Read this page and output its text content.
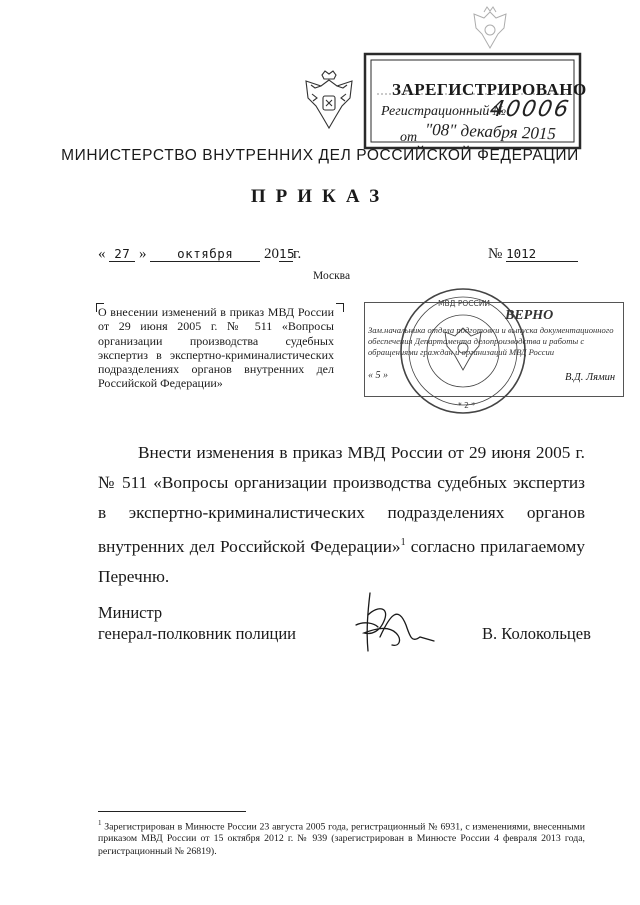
ЗАРЕГИСТРИРОВАНО
Регистрационный №
40006
от "08" декабря 2015
МИНИСТЕРСТВО ВНУТРЕННИХ ДЕЛ РОССИЙСКОЙ ФЕДЕРАЦИИ
ПРИКАЗ
« 27 » октября 2015г.	№ 1012
Москва
О внесении изменений в приказ МВД России от 29 июня 2005 г. № 511 «Вопросы организации производства судебных экспертиз в экспертно-криминалистических подразделениях органов внутренних дел Российской Федерации»
МВД РОССИИ
* 2 *
Зам.начальника отдела подготовки и выпуска документационного обеспечения Департамента делопроизводства и работы с обращениями граждан и организаций МВД России
ВЕРНО
« 5 »	В.Д. Лямин

Внести изменения в приказ МВД России от 29 июня 2005 г. № 511 «Вопросы организации производства судебных экспертиз в экспертно-криминалистических подразделениях органов внутренних дел Российской Федерации»$^1$ согласно прилагаемому Перечню.

Министр
генерал-полковник полиции	В. Колокольцев
$^1$ Зарегистрирован в Минюсте России 23 августа 2005 года, регистрационный № 6931, с изменениями, внесенными приказом МВД России от 15 октября 2012 г. № 939 (зарегистрирован в Минюсте России 4 февраля 2013 года, регистрационный № 26819).
